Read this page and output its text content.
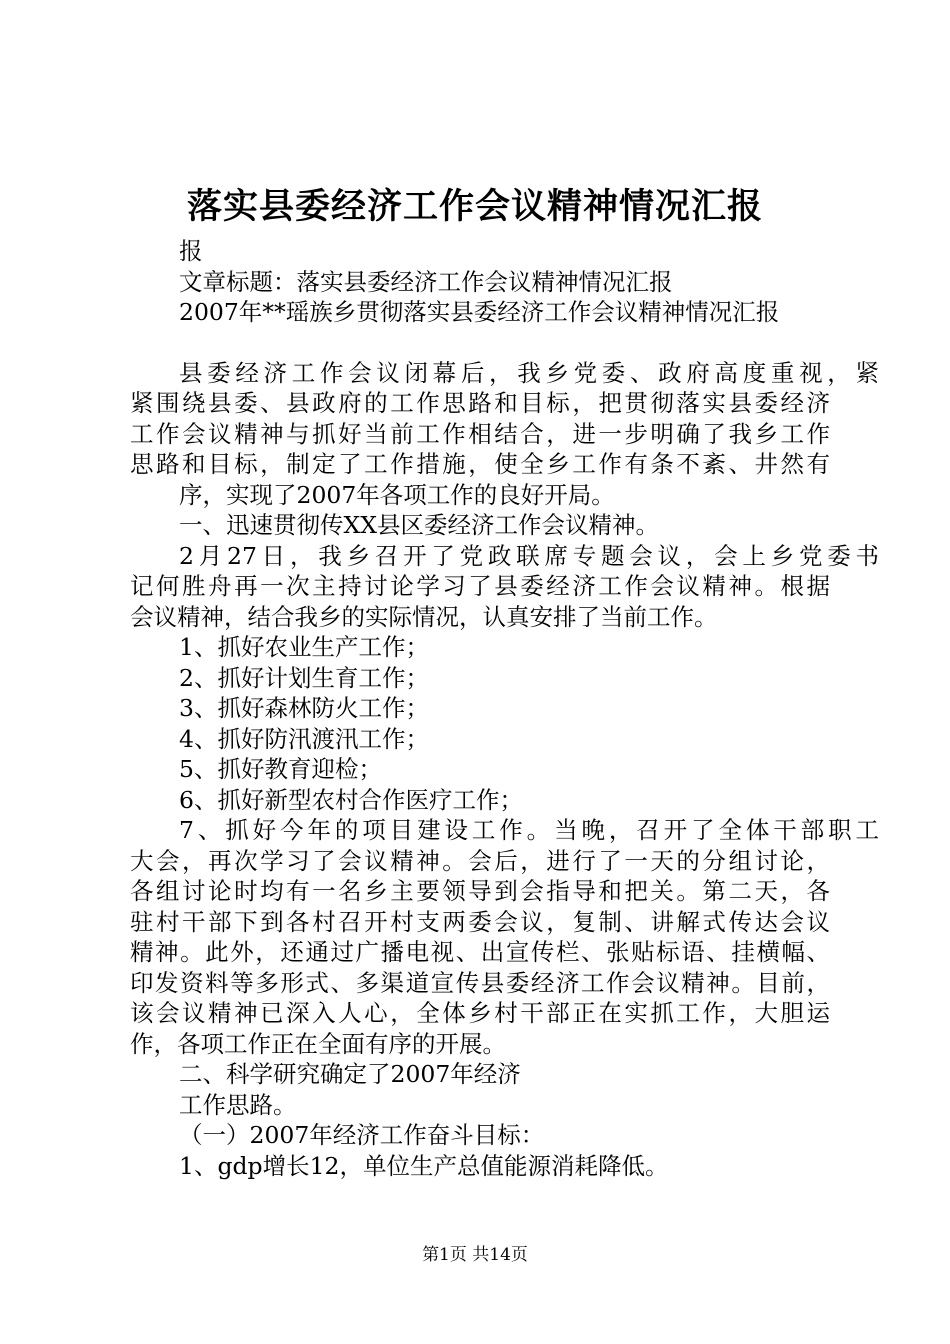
落实县委经济工作会议精神情况汇报
报
文章标题：落实县委经济工作会议精神情况汇报
2007年**瑶族乡贯彻落实县委经济工作会议精神情况汇报
县委经济工作会议闭幕后，我乡党委、政府高度重视，紧
紧围绕县委、县政府的工作思路和目标，把贯彻落实县委经济
工作会议精神与抓好当前工作相结合，进一步明确了我乡工作
思路和目标，制定了工作措施，使全乡工作有条不紊、井然有
序，实现了2007年各项工作的良好开局。
一、迅速贯彻传XX县区委经济工作会议精神。
2月27日，我乡召开了党政联席专题会议，会上乡党委书
记何胜舟再一次主持讨论学习了县委经济工作会议精神。根据
会议精神，结合我乡的实际情况，认真安排了当前工作。
1、抓好农业生产工作；
2、抓好计划生育工作；
3、抓好森林防火工作；
4、抓好防汛渡汛工作；
5、抓好教育迎检；
6、抓好新型农村合作医疗工作；
7、抓好今年的项目建设工作。当晚，召开了全体干部职工
大会，再次学习了会议精神。会后，进行了一天的分组讨论，
各组讨论时均有一名乡主要领导到会指导和把关。第二天，各
驻村干部下到各村召开村支两委会议，复制、讲解式传达会议
精神。此外，还通过广播电视、出宣传栏、张贴标语、挂横幅、
印发资料等多形式、多渠道宣传县委经济工作会议精神。目前，
该会议精神已深入人心，全体乡村干部正在实抓工作，大胆运
作，各项工作正在全面有序的开展。
二、科学研究确定了2007年经济
工作思路。
（一）2007年经济工作奋斗目标：
1、gdp增长12，单位生产总值能源消耗降低。
第1页 共14页
